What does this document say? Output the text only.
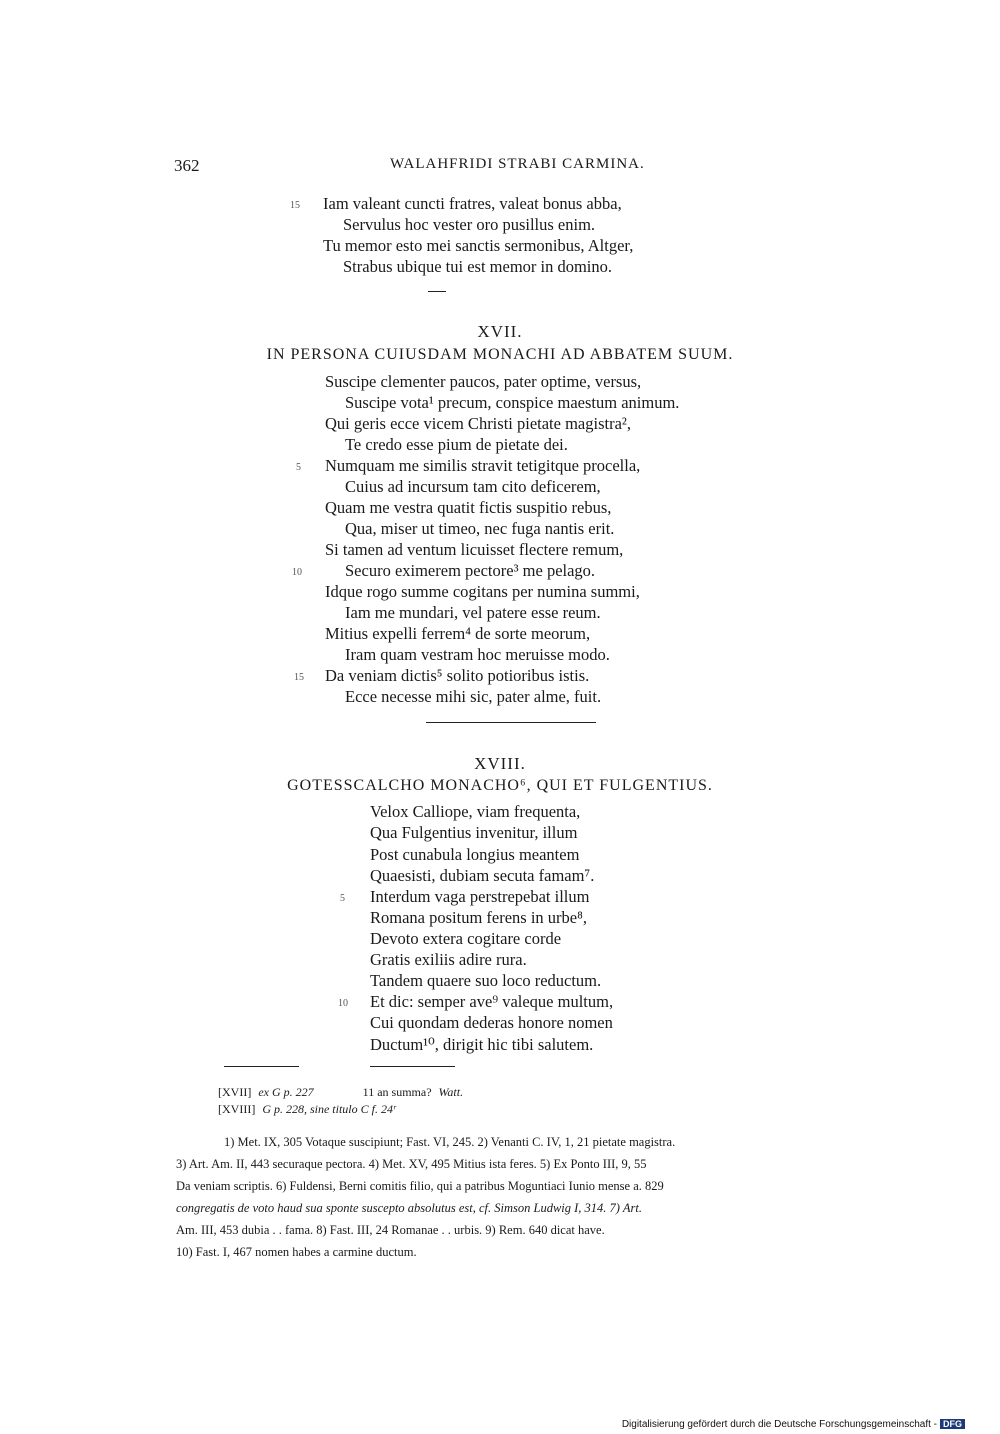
362	WALAHFRIDI STRABI CARMINA.
15 Iam valeant cuncti fratres, valeat bonus abba,
Servulus hoc vester oro pusillus enim.
Tu memor esto mei sanctis sermonibus, Altger,
Strabus ubique tui est memor in domino.
XVII.
IN PERSONA CUIUSDAM MONACHI AD ABBATEM SUUM.
Suscipe clementer paucos, pater optime, versus,
Suscipe vota¹ precum, conspice maestum animum.
Qui geris ecce vicem Christi pietate magistra²,
Te credo esse pium de pietate dei.
5 Numquam me similis stravit tetigitque procella,
Cuius ad incursum tam cito deficerem,
Quam me vestra quatit fictis suspitio rebus,
Qua, miser ut timeo, nec fuga nantis erit.
Si tamen ad ventum licuisset flectere remum,
10	Securo eximerem pectore³ me pelago.
Idque rogo summe cogitans per numina summi,
Iam me mundari, vel patere esse reum.
Mitius expelli ferrem⁴ de sorte meorum,
Iram quam vestram hoc meruisse modo.
15 Da veniam dictis⁵ solito potioribus istis.
Ecce necesse mihi sic, pater alme, fuit.
XVIII.
GOTESSCALCHO MONACHO⁶, QUI ET FULGENTIUS.
Velox Calliope, viam frequenta,
Qua Fulgentius invenitur, illum
Post cunabula longius meantem
Quaesisti, dubiam secuta famam⁷.
5 Interdum vaga perstrepebat illum
Romana positum ferens in urbe⁸,
Devoto extera cogitare corde
Gratis exiliis adire rura.
Tandem quaere suo loco reductum.
10 Et dic: semper ave⁹ valeque multum,
Cui quondam dederas honore nomen
Ductum¹⁰, dirigit hic tibi salutem.
[XVII] ex G p. 227	11 an summa? Watt.
[XVIII] G p. 228, sine titulo C f. 24ʳ
1) Met. IX, 305 Votaque suscipiunt; Fast. VI, 245. 2) Venanti C. IV, 1, 21 pietate magistra.
3) Art. Am. II, 443 securaque pectora. 4) Met. XV, 495 Mitius ista feres. 5) Ex Ponto III, 9, 55
Da veniam scriptis. 6) Fuldensi, Berni comitis filio, qui a patribus Moguntiaci Iunio mense a. 829
congregatis de voto haud sua sponte suscepto absolutus est, cf. Simson Ludwig I, 314. 7) Art.
Am. III, 453 dubia . . fama. 8) Fast. III, 24 Romanae . . urbis. 9) Rem. 640 dicat have.
10) Fast. I, 467 nomen habes a carmine ductum.
Digitalisierung gefördert durch die Deutsche Forschungsgemeinschaft - DFG
